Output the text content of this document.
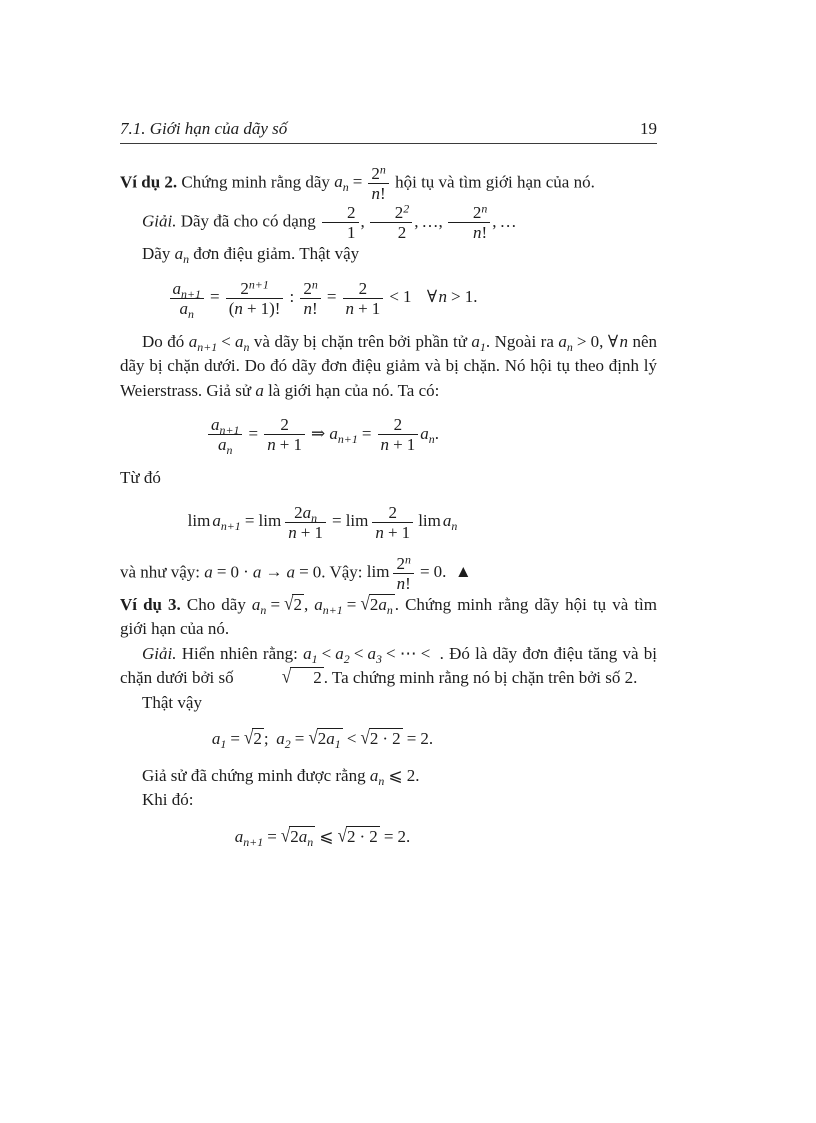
7.1. Giới hạn của dãy số	19
Ví dụ 2. Chứng minh rằng dãy $a_n = \frac{2^n}{n!}$ hội tụ và tìm giới hạn của nó.
Giải. Dãy đã cho có dạng $\frac{2}{1}$ , $\frac{2^2}{2}$ , …, $\frac{2^n}{n!}$ , …
Dãy $a_n$ đơn điệu giảm. Thật vậy
$\frac{a_{n+1}}{a_n} = \frac{2^{n+1}}{(n + 1)!}$ : $\frac{2^n}{n!} = \frac{2}{n + 1} < 1$ ∀n > 1.
Do đó $a_{n+1} < a_n$ và dãy bị chặn trên bởi phần tử $a_1$. Ngoài ra $a_n > 0$, ∀n nên dãy bị chặn dưới. Do đó dãy đơn điệu giảm và bị chặn. Nó hội tụ theo định lý Weierstrass. Giả sử a là giới hạn của nó. Ta có:
$\frac{a_{n+1}}{a_n} = \frac{2}{n + 1}$ ⇒ $a_{n+1} = \frac{2}{n + 1} a_n$.
Từ đó
$\lim a_{n+1} = \lim \frac{2a_n}{n + 1} = \lim \frac{2}{n + 1}$ $\lim a_n$
và như vậy: a = 0 · a → a = 0. Vậy: $\lim \frac{2^n}{n!} = 0$. ▲
Ví dụ 3. Cho dãy $a_n = √2$ , $a_{n+1} = √2a_n$ . Chứng minh rằng dãy hội tụ và tìm giới hạn của nó.
Giải. Hiển nhiên rằng: $a_1 < a_2 < a_3$ < ⋯ < . Đó là dãy đơn điệu tăng và bị chặn dưới bởi số	√ 2 . Ta chứng minh rằng nó bị chặn trên bởi số 2.
Thật vậy
$a_1 = √2$ ; $a_2 = √2a_1 < √2 \cdot 2 = 2$.
Giả sử đã chứng minh được rằng $a_n$ ⩽ 2.
Khi đó:
$a_{n+1} = √2a_n$ ⩽ √2 · 2 = 2.
